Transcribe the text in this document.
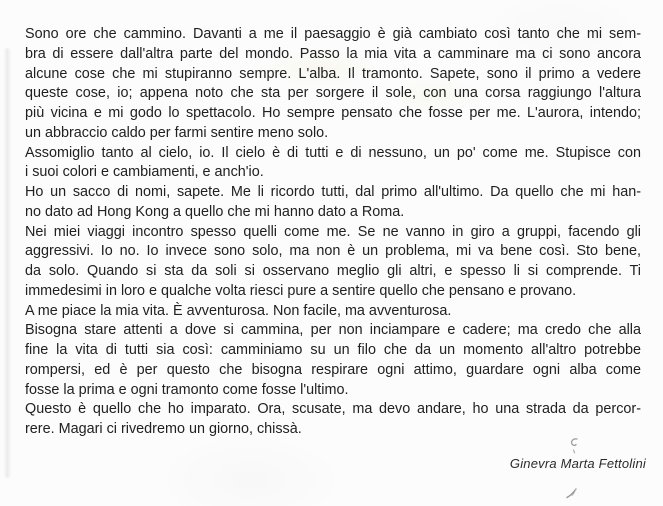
Sono ore che cammino. Davanti a me il paesaggio è già cambiato così tanto che mi sem-
bra di essere dall'altra parte del mondo. Passo la mia vita a camminare ma ci sono ancora
alcune cose che mi stupiranno sempre. L'alba. Il tramonto. Sapete, sono il primo a vedere
queste cose, io; appena noto che sta per sorgere il sole, con una corsa raggiungo l'altura
più vicina e mi godo lo spettacolo. Ho sempre pensato che fosse per me. L'aurora, intendo;
un abbraccio caldo per farmi sentire meno solo.
Assomiglio tanto al cielo, io. Il cielo è di tutti e di nessuno, un po' come me. Stupisce con
i suoi colori e cambiamenti, e anch'io.
Ho un sacco di nomi, sapete. Me li ricordo tutti, dal primo all'ultimo. Da quello che mi han-
no dato ad Hong Kong a quello che mi hanno dato a Roma.
Nei miei viaggi incontro spesso quelli come me. Se ne vanno in giro a gruppi, facendo gli
aggressivi. Io no. Io invece sono solo, ma non è un problema, mi va bene così. Sto bene,
da solo. Quando si sta da soli si osservano meglio gli altri, e spesso li si comprende. Ti
immedesimi in loro e qualche volta riesci pure a sentire quello che pensano e provano.
A me piace la mia vita. È avventurosa. Non facile, ma avventurosa.
Bisogna stare attenti a dove si cammina, per non inciampare e cadere; ma credo che alla
fine la vita di tutti sia così: camminiamo su un filo che da un momento all'altro potrebbe
rompersi, ed è per questo che bisogna respirare ogni attimo, guardare ogni alba come
fosse la prima e ogni tramonto come fosse l'ultimo.
Questo è quello che ho imparato. Ora, scusate, ma devo andare, ho una strada da percor-
rere. Magari ci rivedremo un giorno, chissà.
Ginevra Marta Fettolini
